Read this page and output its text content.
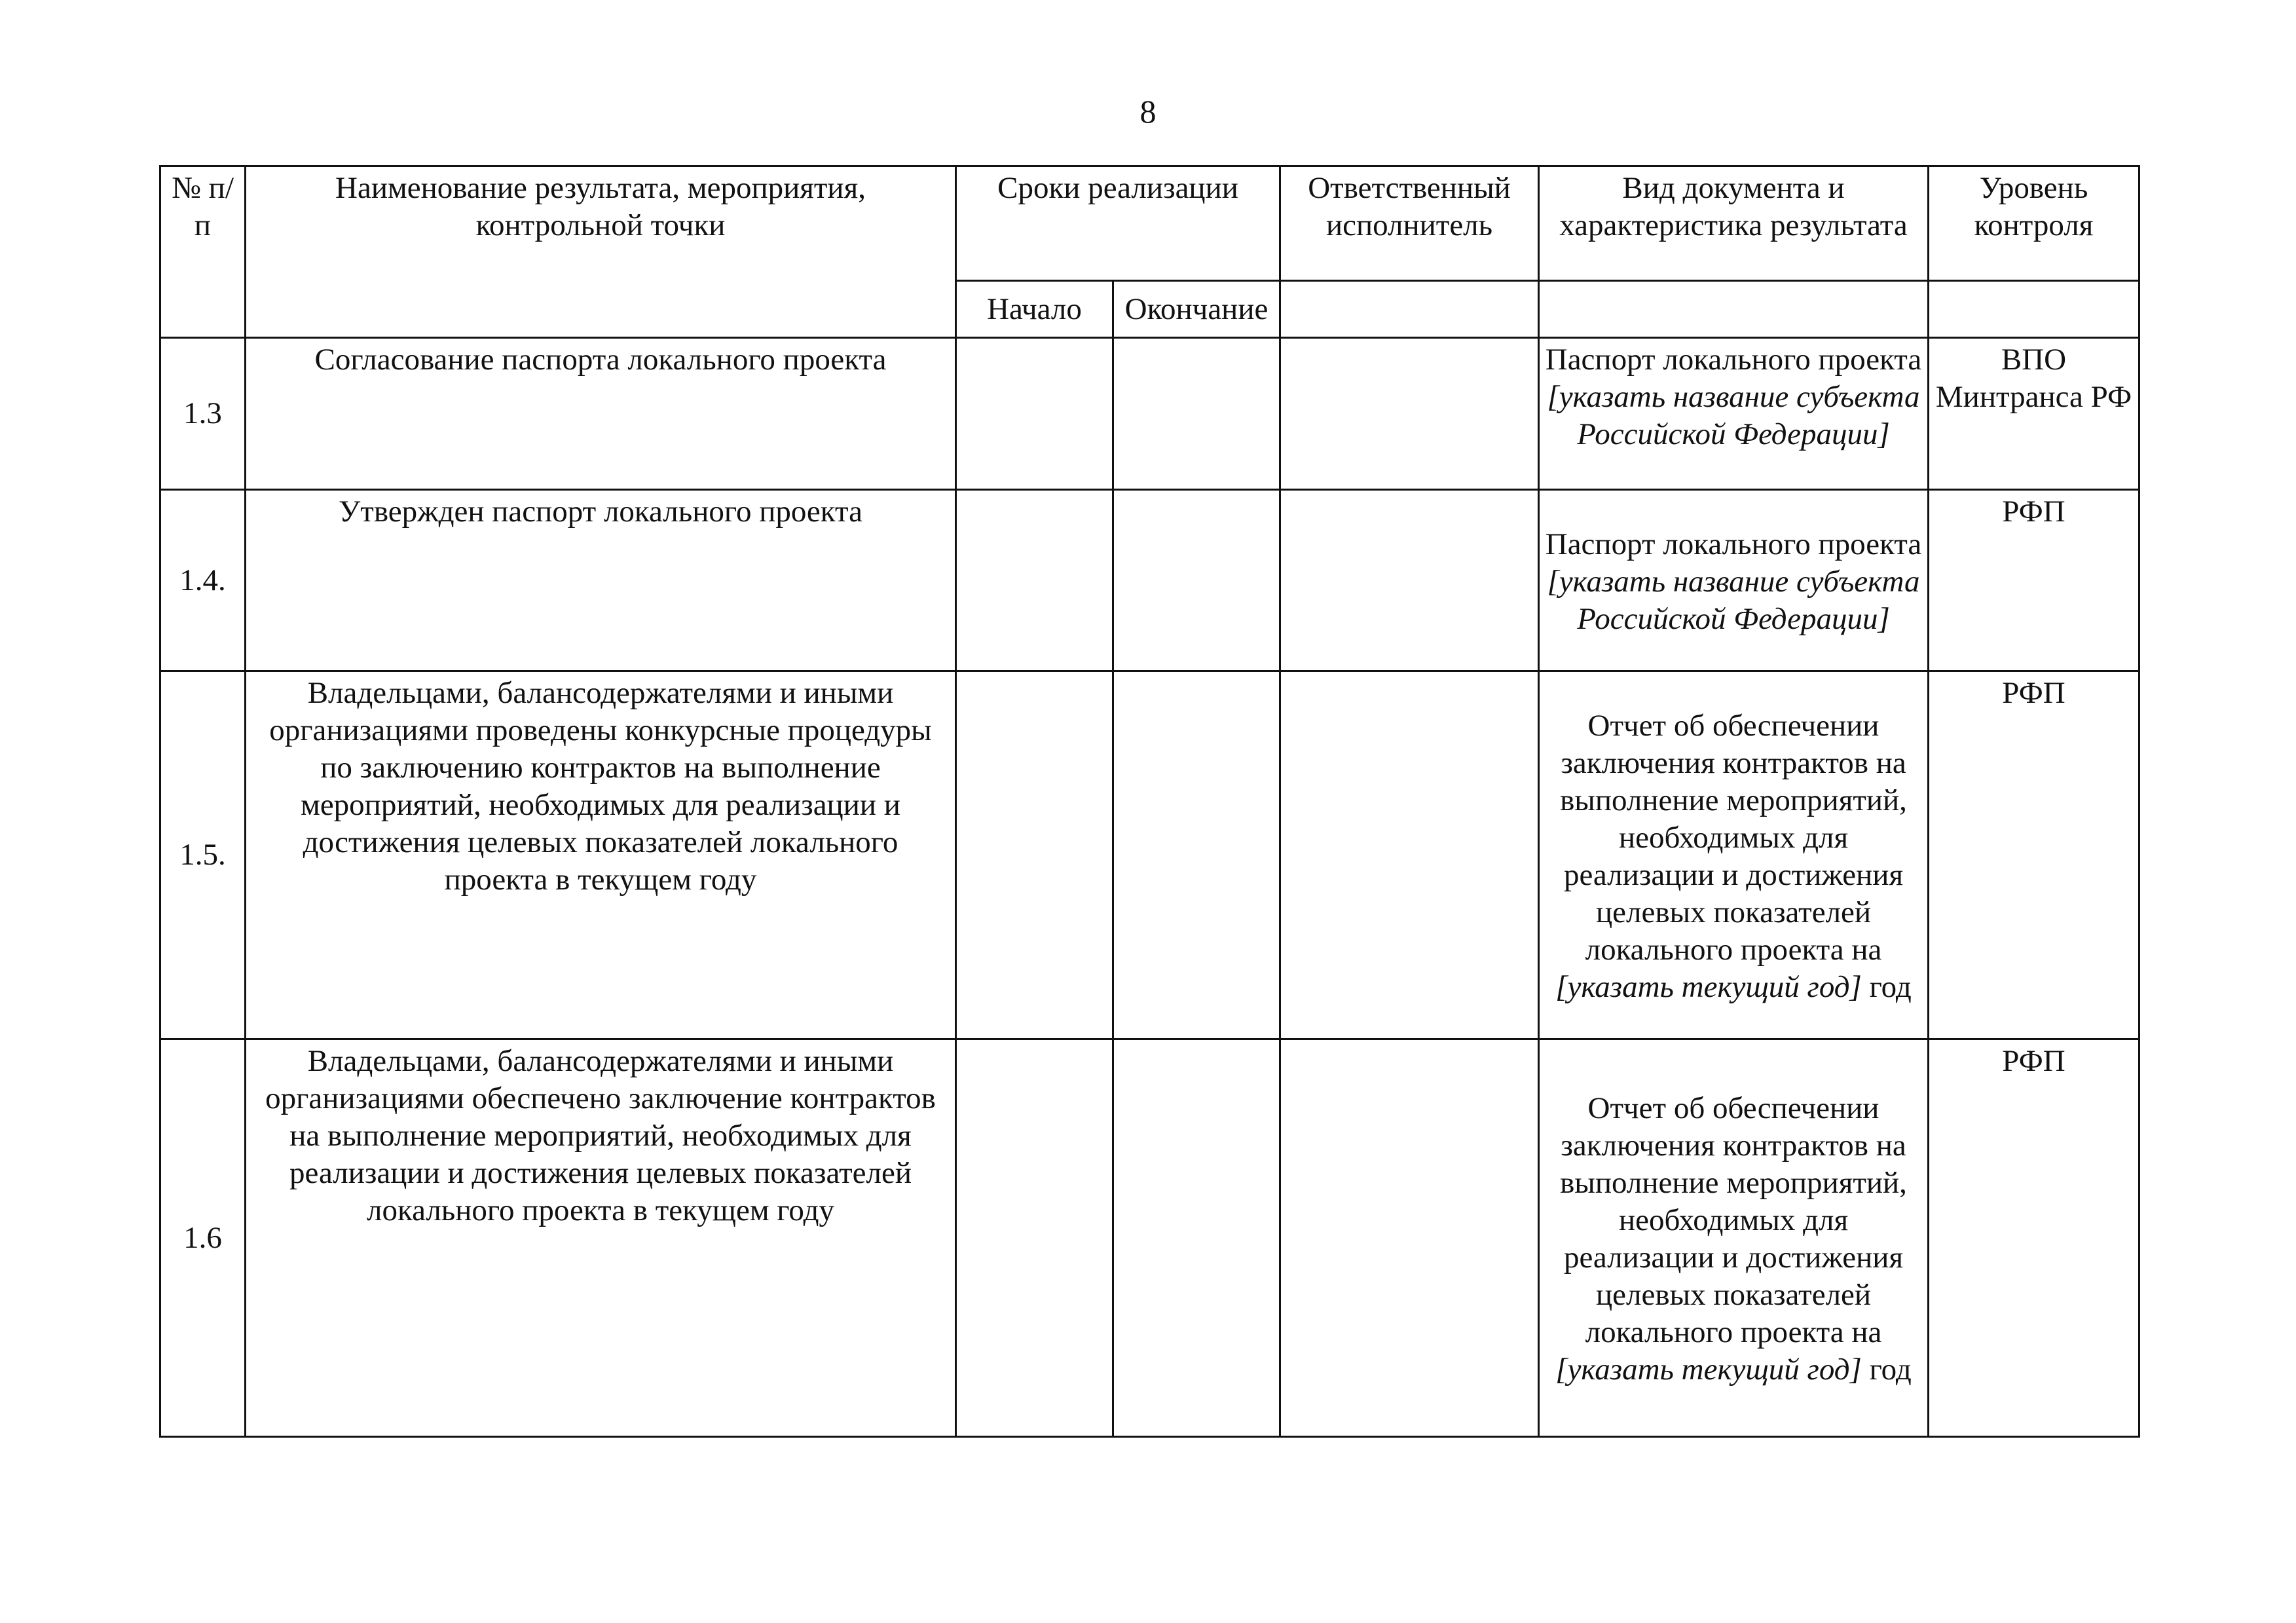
8
№ п/п	Наименование результата, мероприятия, контрольной точки	Сроки реализации		Ответственный исполнитель	Вид документа и характеристика результата	Уровень контроля
		Начало	Окончание			
1.3	Согласование паспорта локального проекта				Паспорт локального проекта [указать название субъекта Российской Федерации]	ВПО Минтранса РФ
1.4.	Утвержден паспорт локального проекта				Паспорт локального проекта [указать название субъекта Российской Федерации]	РФП
1.5.	Владельцами, балансодержателями и иными организациями проведены конкурсные процедуры по заключению контрактов на выполнение мероприятий, необходимых для реализации и достижения целевых показателей локального проекта в текущем году				Отчет об обеспечении заключения контрактов на выполнение мероприятий, необходимых для реализации и достижения целевых показателей локального проекта на [указать текущий год] год	РФП
1.6	Владельцами, балансодержателями и иными организациями обеспечено заключение контрактов на выполнение мероприятий, необходимых для реализации и достижения целевых показателей локального проекта в текущем году				Отчет об обеспечении заключения контрактов на выполнение мероприятий, необходимых для реализации и достижения целевых показателей локального проекта на [указать текущий год] год	РФП
